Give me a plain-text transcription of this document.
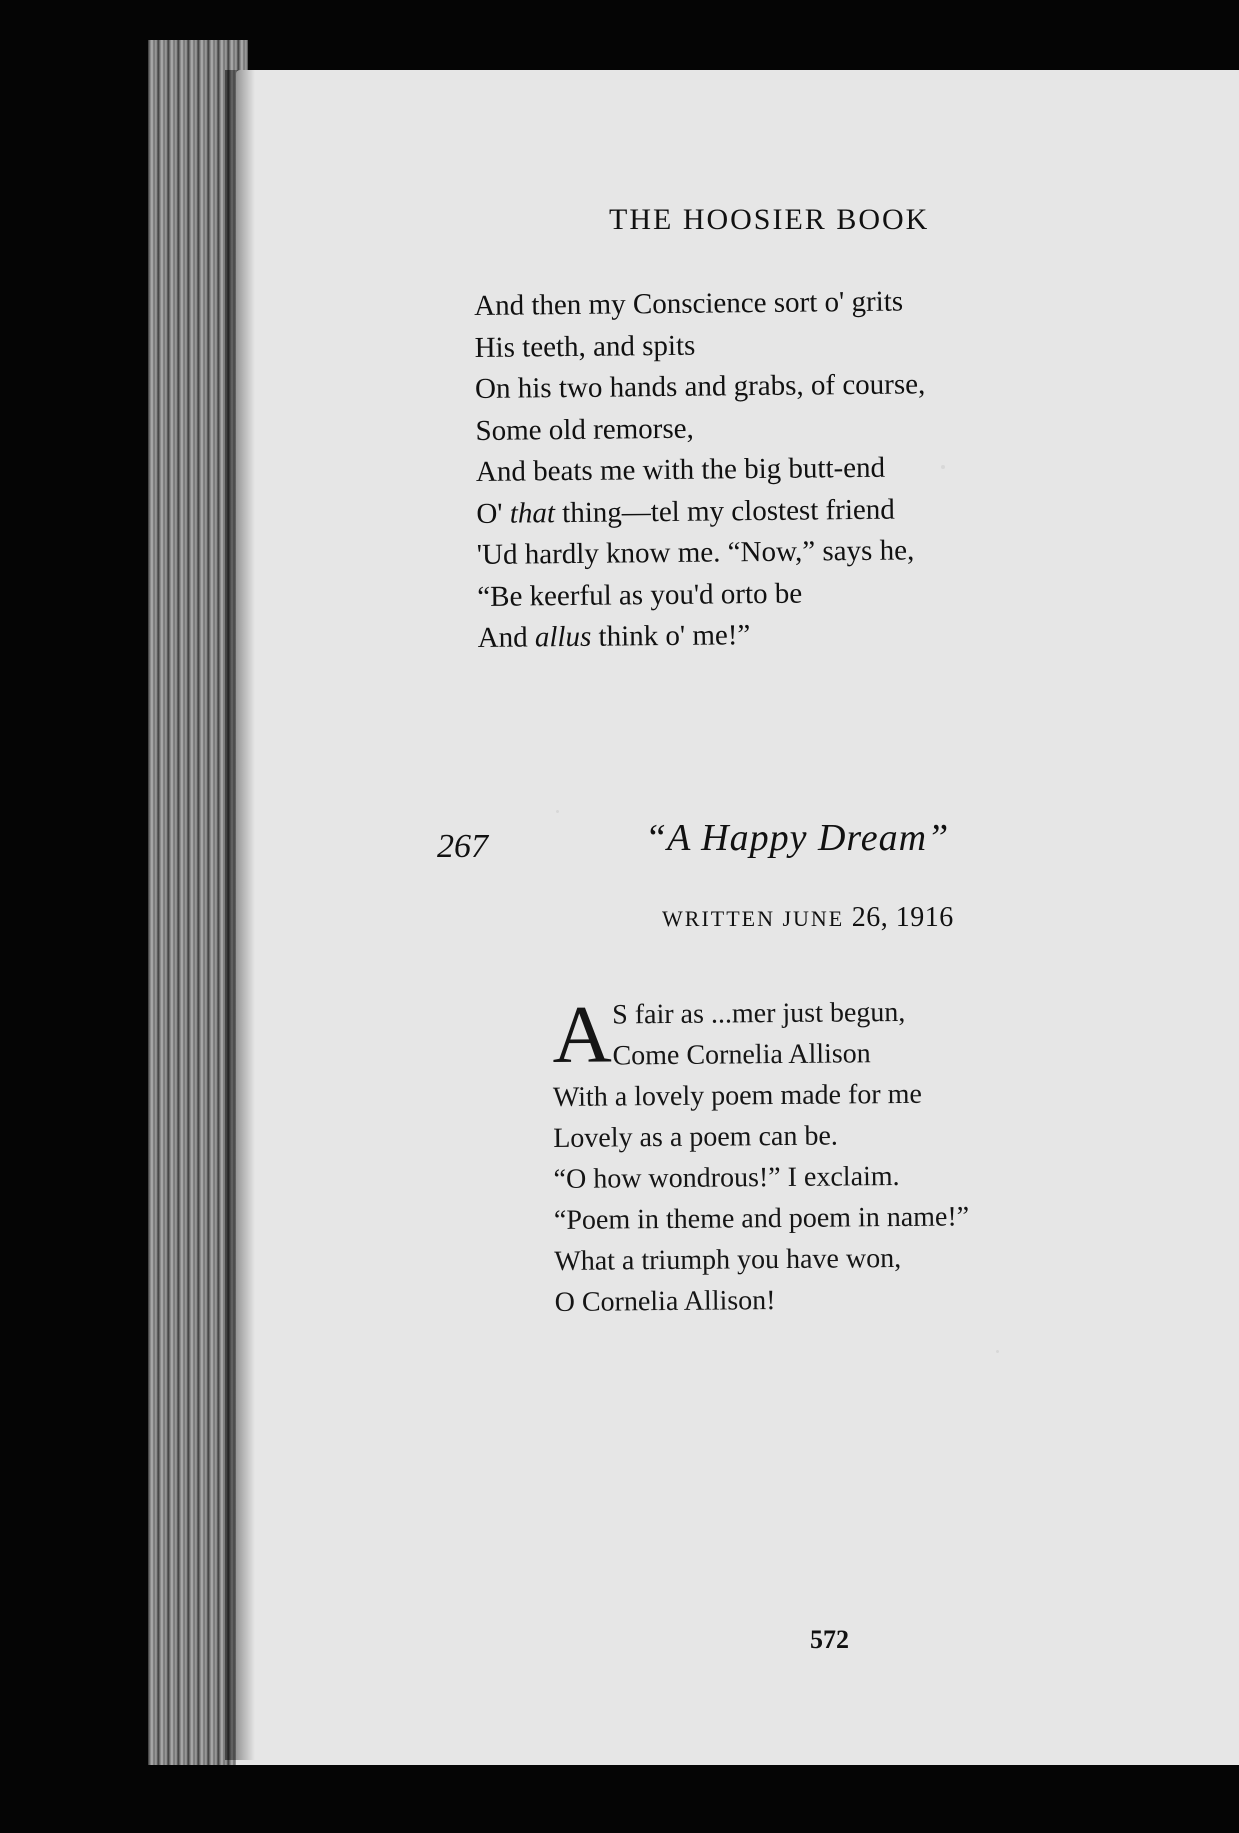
THE HOOSIER BOOK
And then my Conscience sort o' grits
His teeth, and spits
On his two hands and grabs, of course,
Some old remorse,
And beats me with the big butt-end
O' that thing—tel my clostest friend
'Ud hardly know me. “Now,” says he,
“Be keerful as you'd orto be
And allus think o' me!”
267	“A Happy Dream”
WRITTEN JUNE 26, 1916
A S fair as ...mer just begun,
Come Cornelia Allison
With a lovely poem made for me
Lovely as a poem can be.
“O how wondrous!” I exclaim.
“Poem in theme and poem in name!”
What a triumph you have won,
O Cornelia Allison!
572
